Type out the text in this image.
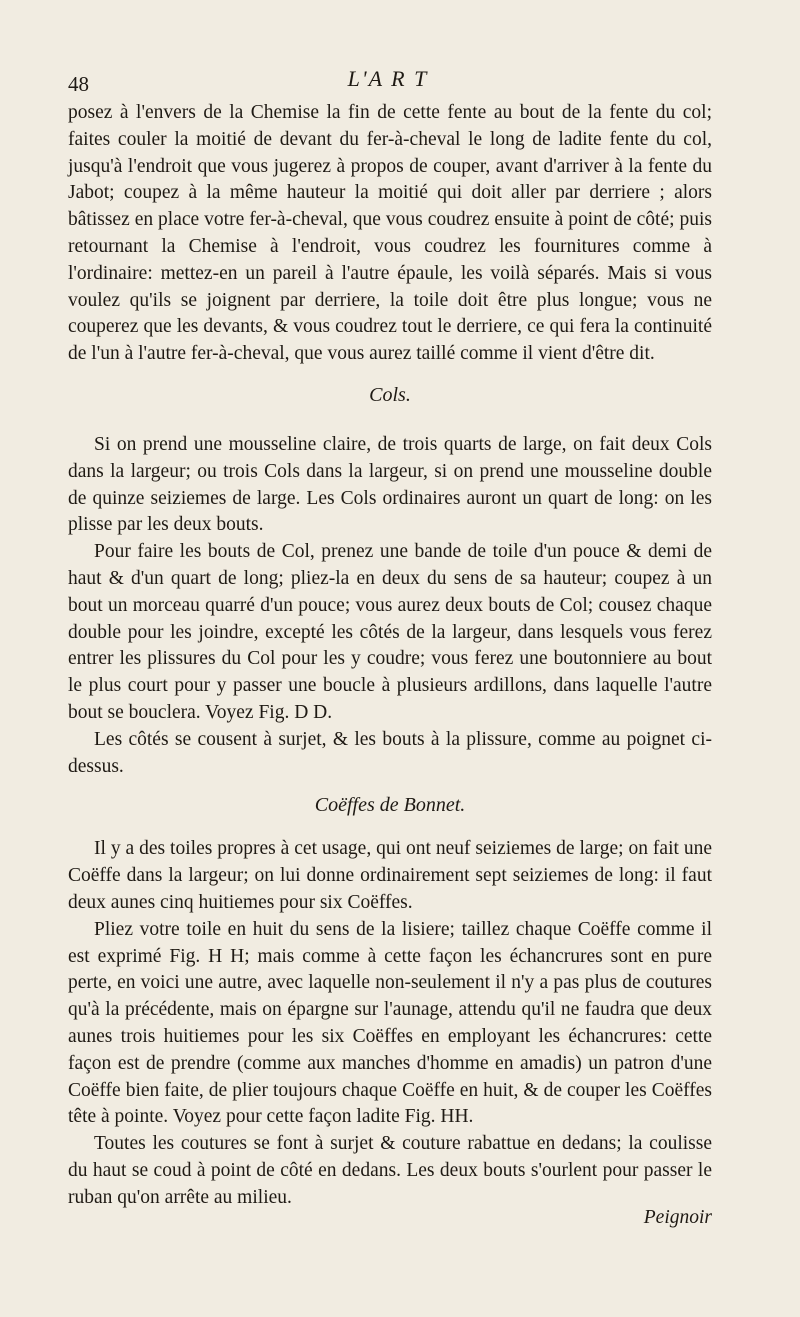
48	L'A R T

posez à l'envers de la Chemise la fin de cette fente au bout de la fente du col; faites couler la moitié de devant du fer-à-cheval le long de ladite fente du col, jusqu'à l'endroit que vous jugerez à propos de couper, avant d'arriver à la fente du Jabot; coupez à la même hauteur la moitié qui doit aller par derriere ; alors bâtissez en place votre fer-à-cheval, que vous coudrez ensuite à point de côté; puis retournant la Chemise à l'endroit, vous coudrez les fournitures comme à l'ordinaire: mettez-en un pareil à l'autre épaule, les voilà séparés. Mais si vous voulez qu'ils se joignent par derriere, la toile doit être plus longue; vous ne couperez que les devants, & vous coudrez tout le derriere, ce qui fera la continuité de l'un à l'autre fer-à-cheval, que vous aurez taillé comme il vient d'être dit.

Cols.

Si on prend une mousseline claire, de trois quarts de large, on fait deux Cols dans la largeur; ou trois Cols dans la largeur, si on prend une mousseline double de quinze seiziemes de large. Les Cols ordinaires auront un quart de long: on les plisse par les deux bouts.

Pour faire les bouts de Col, prenez une bande de toile d'un pouce & demi de haut & d'un quart de long; pliez-la en deux du sens de sa hauteur; coupez à un bout un morceau quarré d'un pouce; vous aurez deux bouts de Col; cousez chaque double pour les joindre, excepté les côtés de la largeur, dans lesquels vous ferez entrer les plissures du Col pour les y coudre; vous ferez une boutonniere au bout le plus court pour y passer une boucle à plusieurs ardillons, dans laquelle l'autre bout se bouclera. Voyez Fig. D D.

Les côtés se cousent à surjet, & les bouts à la plissure, comme au poignet ci-dessus.

Coëffes de Bonnet.

Il y a des toiles propres à cet usage, qui ont neuf seiziemes de large; on fait une Coëffe dans la largeur; on lui donne ordinairement sept seiziemes de long: il faut deux aunes cinq huitiemes pour six Coëffes.

Pliez votre toile en huit du sens de la lisiere; taillez chaque Coëffe comme il est exprimé Fig. H H; mais comme à cette façon les échancrures sont en pure perte, en voici une autre, avec laquelle non-seulement il n'y a pas plus de coutures qu'à la précédente, mais on épargne sur l'aunage, attendu qu'il ne faudra que deux aunes trois huitiemes pour les six Coëffes en employant les échancrures: cette façon est de prendre (comme aux manches d'homme en amadis) un patron d'une Coëffe bien faite, de plier toujours chaque Coëffe en huit, & de couper les Coëffes tête à pointe. Voyez pour cette façon ladite Fig. HH.

Toutes les coutures se font à surjet & couture rabattue en dedans; la coulisse du haut se coud à point de côté en dedans. Les deux bouts s'ourlent pour passer le ruban qu'on arrête au milieu.

Peignoir
